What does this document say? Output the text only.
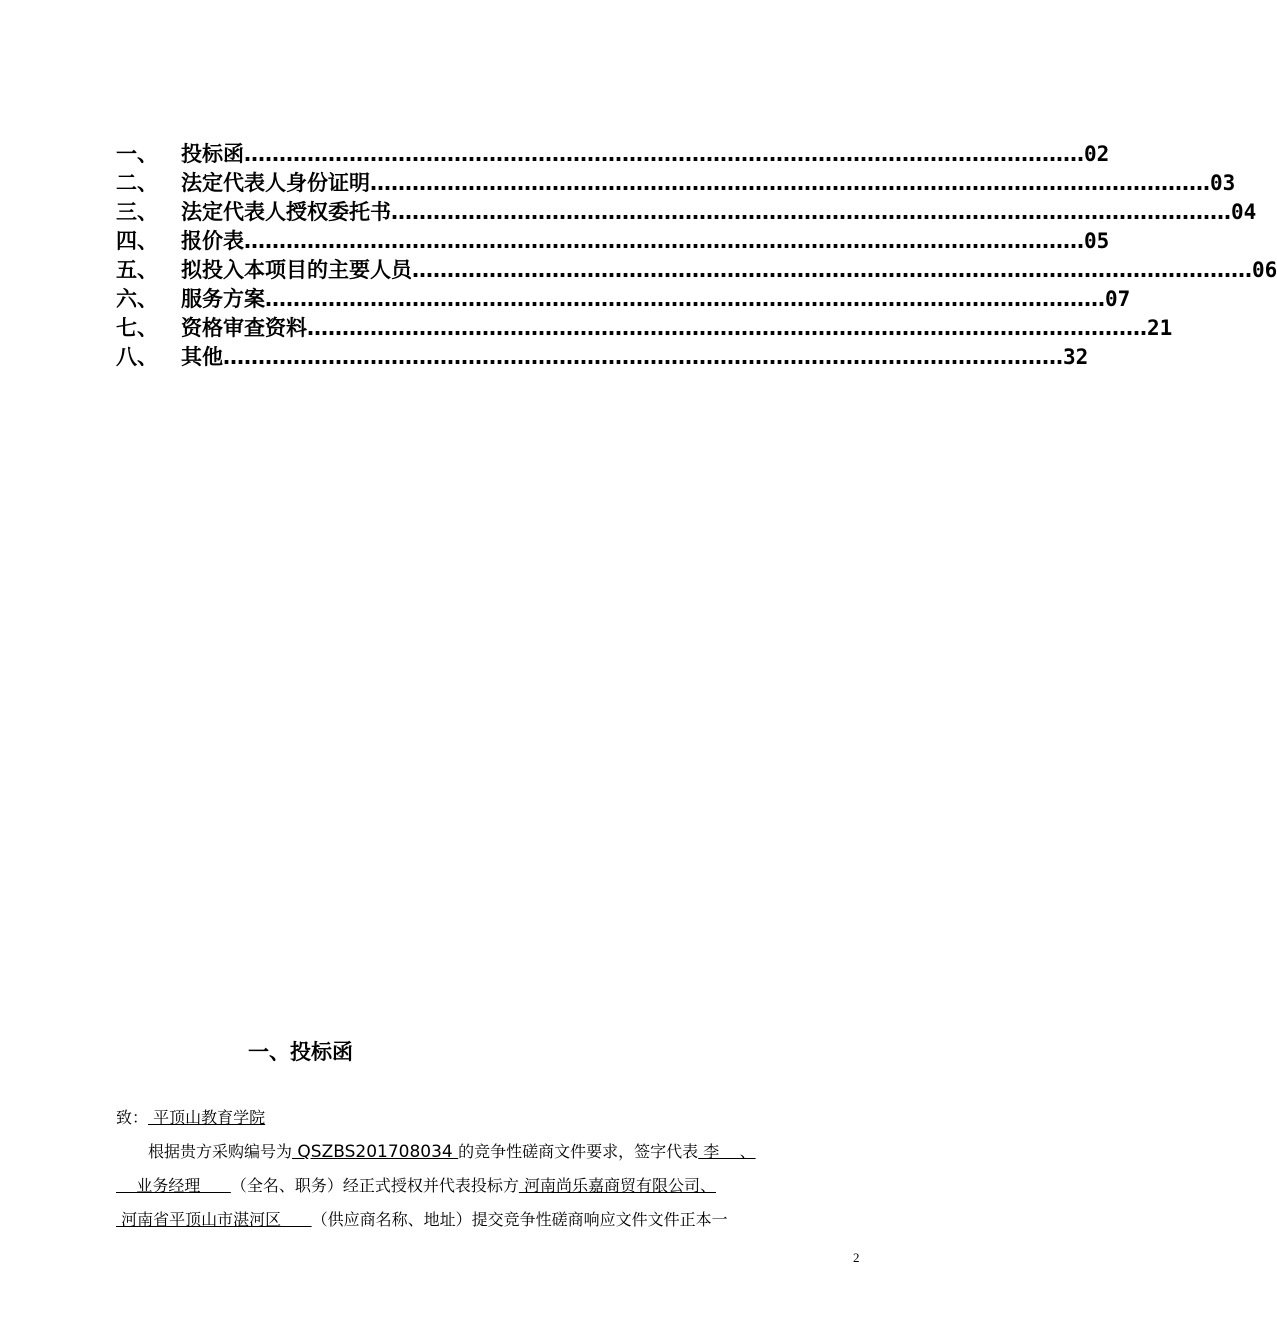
一、	投标函 ………………………………………………………………………………………………………… 02
二、	法定代表人身份证明 ………………………………………………………………………………………………………… 03
三、	法定代表人授权委托书 ………………………………………………………………………………………………………… 04
四、	报价表 ………………………………………………………………………………………………………… 05
五、	拟投入本项目的主要人员 ………………………………………………………………………………………………………… 06
六、	服务方案 ………………………………………………………………………………………………………… 07
七、	资格审查资料 ………………………………………………………………………………………………………… 21
八、	其他 ………………………………………………………………………………………………………… 32
一、投标函
致： 平顶山教育学院
根据贵方采购编号为 QSZBS201708034 的竞争性磋商文件要求，签字代表 李    、
业务经理      （全名、职务）经正式授权并代表投标方 河南尚乐嘉商贸有限公司、
河南省平顶山市湛河区      （供应商名称、地址）提交竞争性磋商响应文件文件正本一
2
